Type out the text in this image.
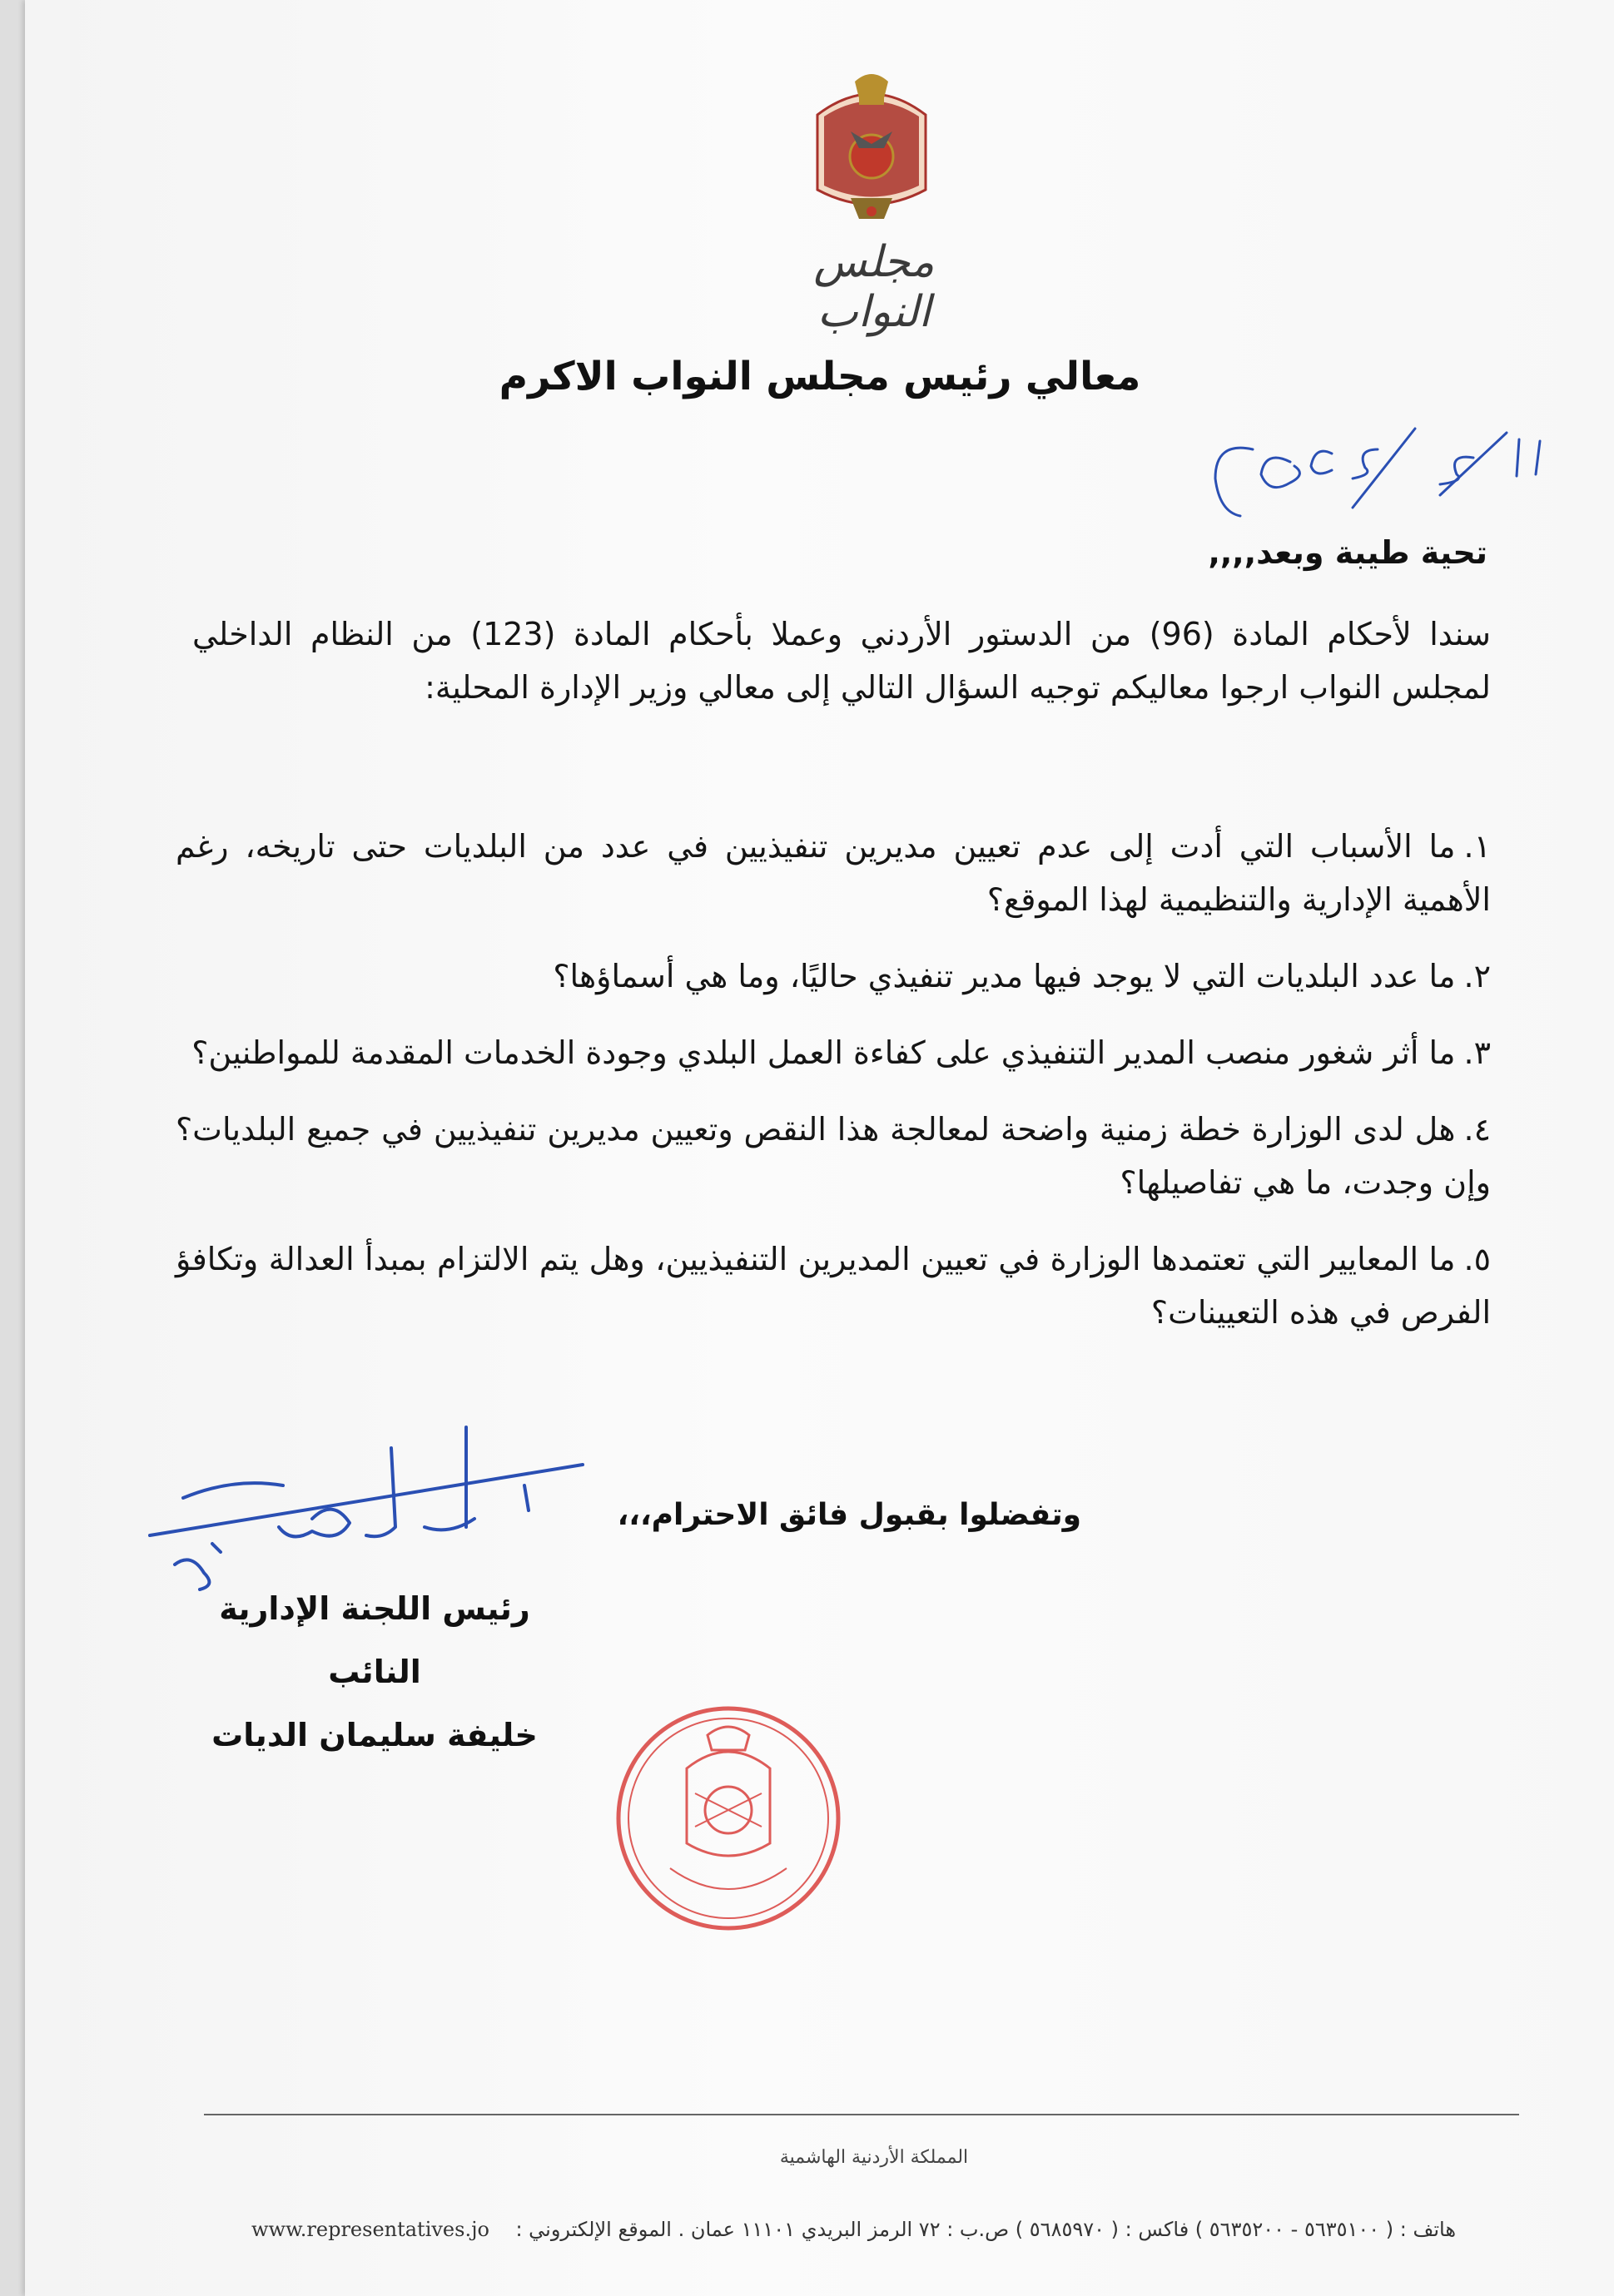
مجلس النواب
معالي رئيس مجلس النواب الاكرم
١١/٦/٢٠٢٥م
تحية طيبة وبعد,,,,
سندا لأحكام المادة (96) من الدستور الأردني وعملا بأحكام المادة (123) من النظام الداخلي لمجلس النواب ارجوا معاليكم توجيه السؤال التالي إلى معالي وزير الإدارة المحلية:
١.ما الأسباب التي أدت إلى عدم تعيين مديرين تنفيذيين في عدد من البلديات حتى تاريخه، رغم الأهمية الإدارية والتنظيمية لهذا الموقع؟
٢.ما عدد البلديات التي لا يوجد فيها مدير تنفيذي حاليًا، وما هي أسماؤها؟
٣.ما أثر شغور منصب المدير التنفيذي على كفاءة العمل البلدي وجودة الخدمات المقدمة للمواطنين؟
٤.هل لدى الوزارة خطة زمنية واضحة لمعالجة هذا النقص وتعيين مديرين تنفيذيين في جميع البلديات؟ وإن وجدت، ما هي تفاصيلها؟
٥.ما المعايير التي تعتمدها الوزارة في تعيين المديرين التنفيذيين، وهل يتم الالتزام بمبدأ العدالة وتكافؤ الفرص في هذه التعيينات؟
وتفضلوا بقبول فائق الاحترام،،،
رئيس اللجنة الإدارية
النائب
خليفة سليمان الديات
النائب خليفة الديات
المملكة الأردنية الهاشمية
هاتف : ( ٥٦٣٥١٠٠ - ٥٦٣٥٢٠٠ ) فاكس : ( ٥٦٨٥٩٧٠ ) ص.ب : ٧٢ الرمز البريدي ١١١٠١ عمان . الموقع الإلكتروني :
www.representatives.jo
